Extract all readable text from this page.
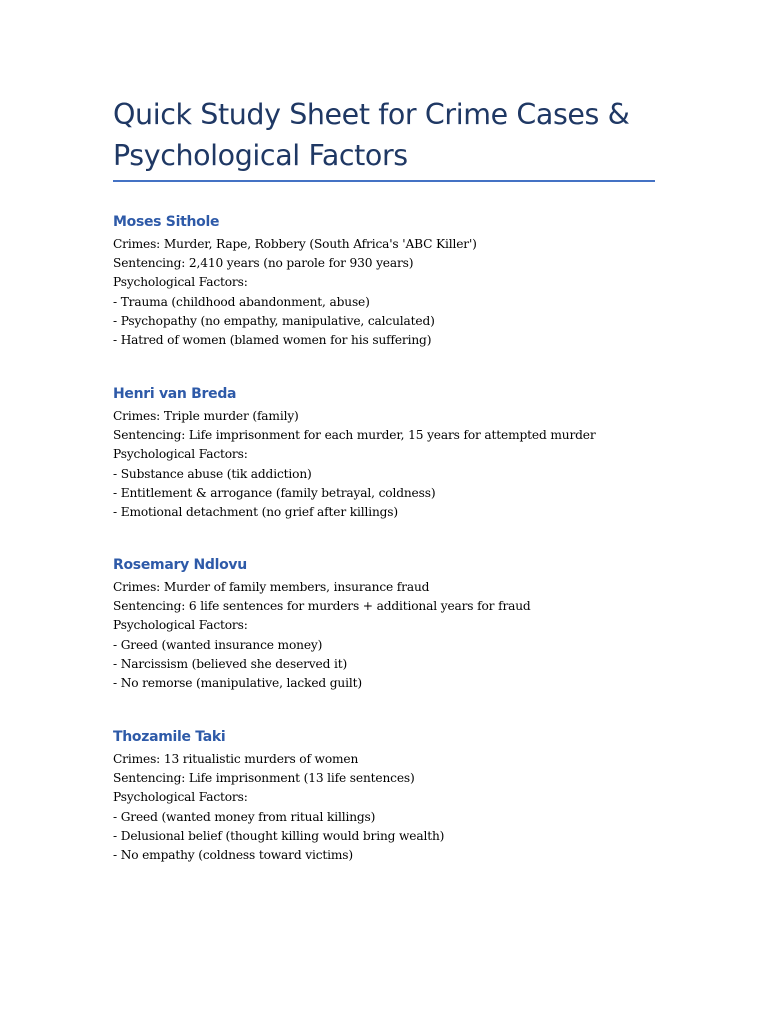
Quick Study Sheet for Crime Cases &
Psychological Factors
Moses Sithole

Crimes: Murder, Rape, Robbery (South Africa's 'ABC Killer')

Sentencing: 2,410 years (no parole for 930 years)

Psychological Factors:

- Trauma (childhood abandonment, abuse)

- Psychopathy (no empathy, manipulative, calculated)

- Hatred of women (blamed women for his suffering)

Henri van Breda

Crimes: Triple murder (family)

Sentencing: Life imprisonment for each murder, 15 years for attempted murder

Psychological Factors:

- Substance abuse (tik addiction)

- Entitlement & arrogance (family betrayal, coldness)

- Emotional detachment (no grief after killings)

Rosemary Ndlovu

Crimes: Murder of family members, insurance fraud

Sentencing: 6 life sentences for murders + additional years for fraud

Psychological Factors:

- Greed (wanted insurance money)

- Narcissism (believed she deserved it)

- No remorse (manipulative, lacked guilt)

Thozamile Taki

Crimes: 13 ritualistic murders of women

Sentencing: Life imprisonment (13 life sentences)

Psychological Factors:

- Greed (wanted money from ritual killings)

- Delusional belief (thought killing would bring wealth)

- No empathy (coldness toward victims)
